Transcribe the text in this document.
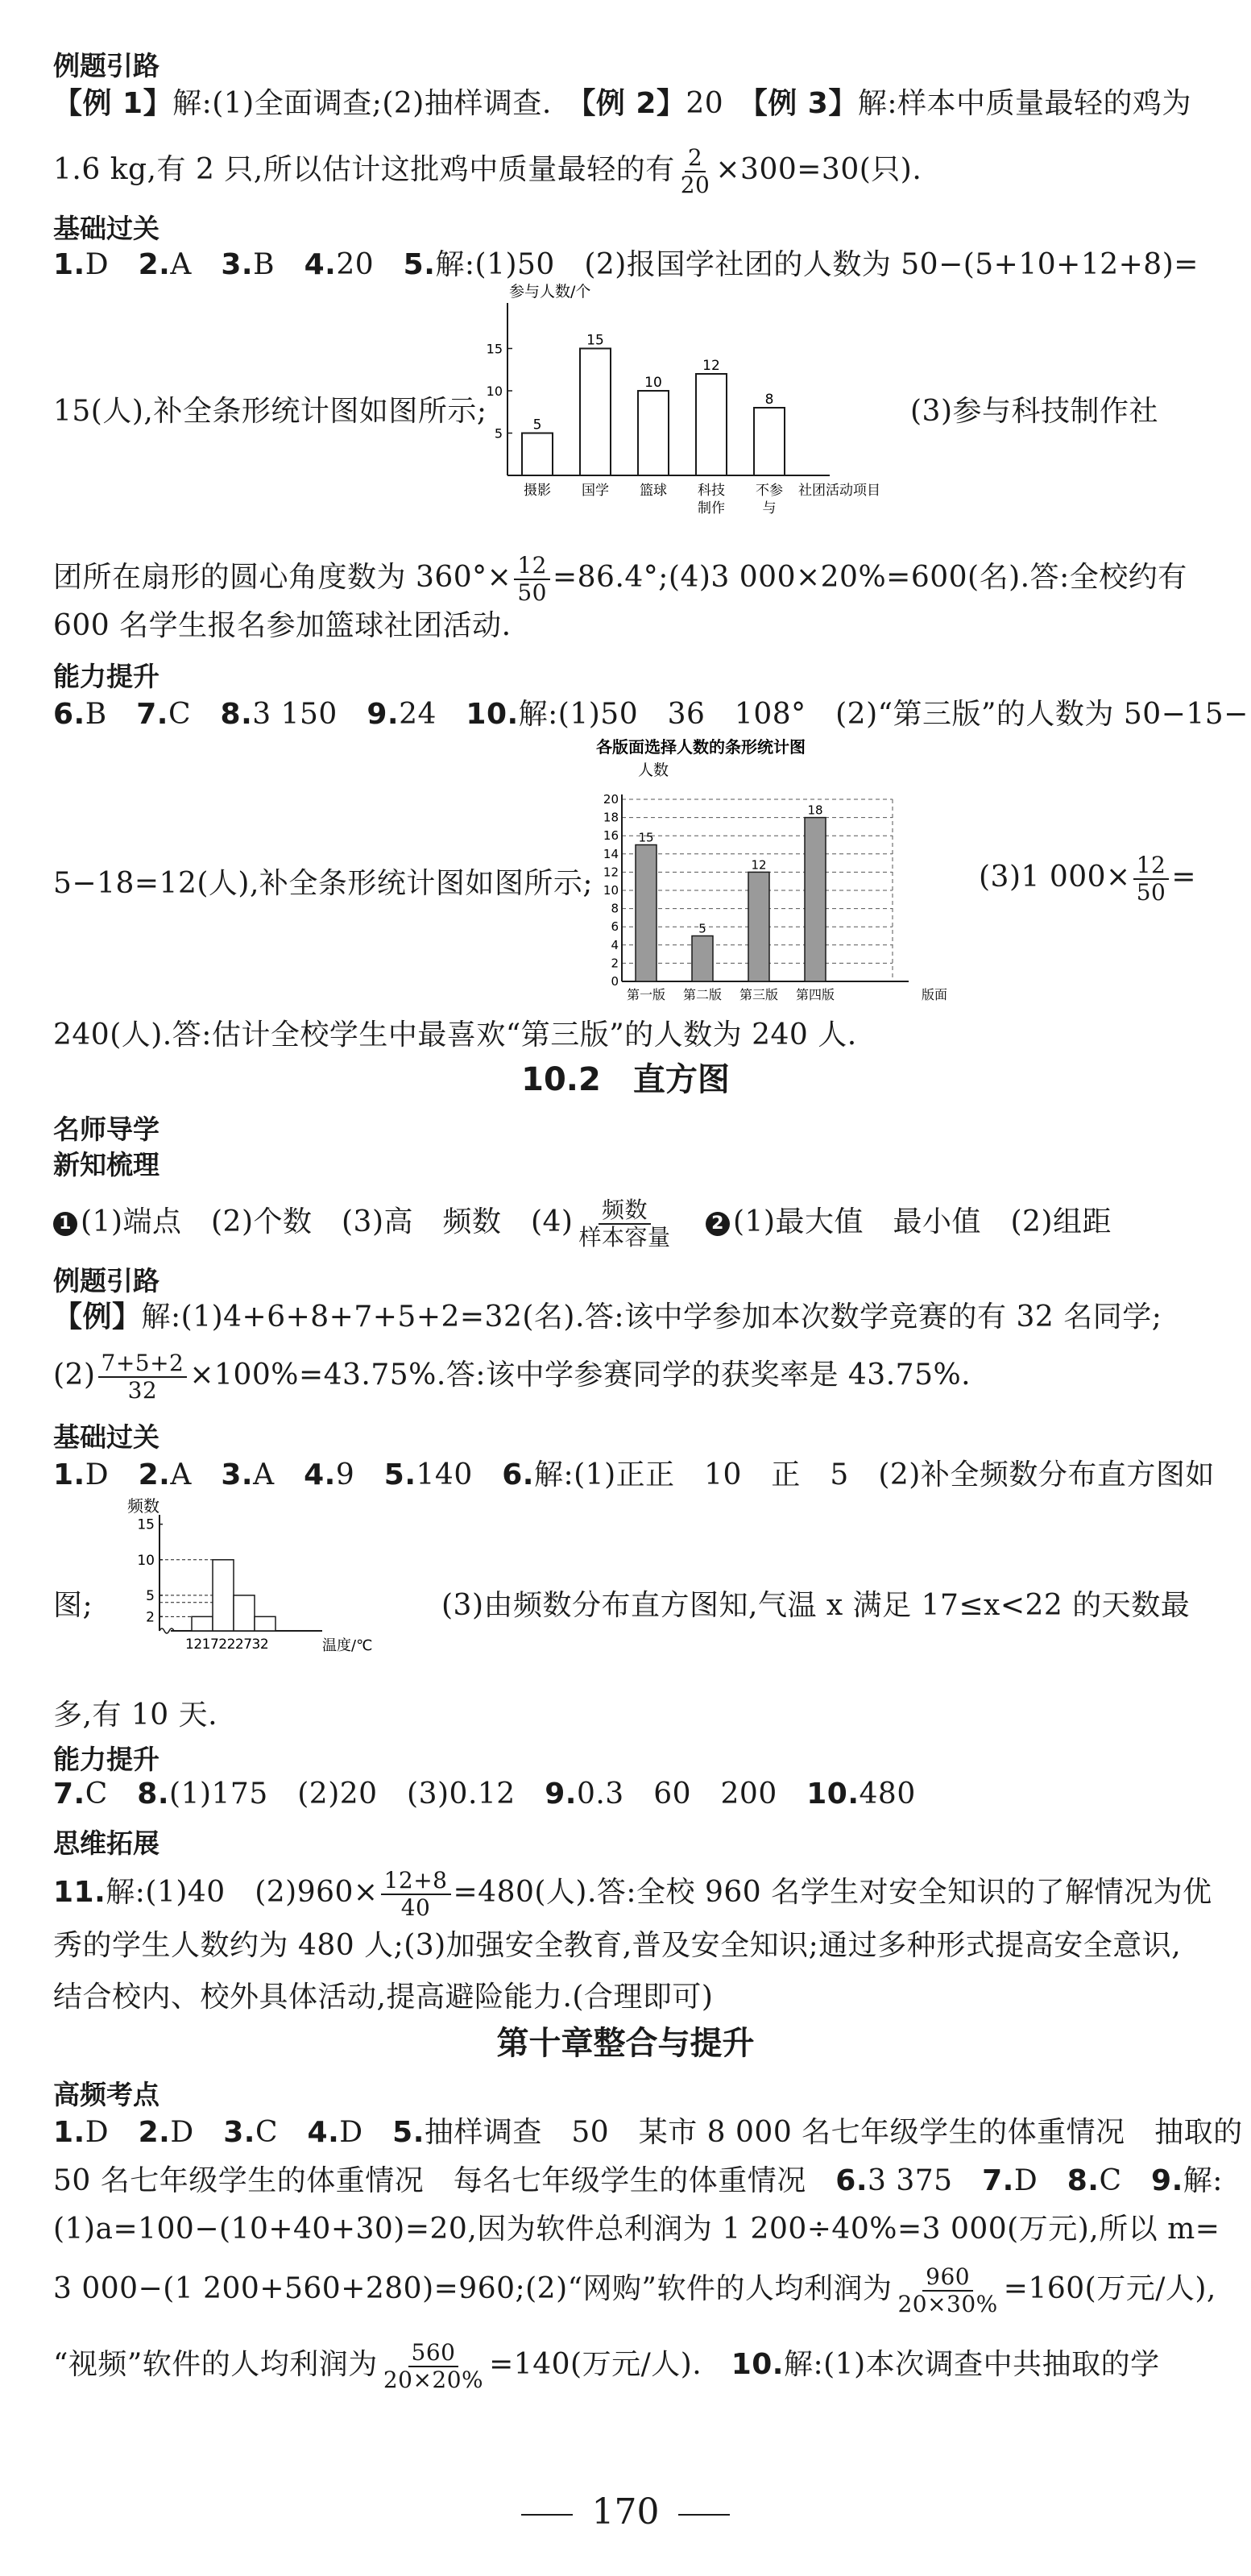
例题引路
【例 1】解:(1)全面调查;(2)抽样调查.　 【例 2】20　 【例 3】解:样本中质量最轻的鸡为
1.6 kg,有 2 只,所以估计这批鸡中质量最轻的有 $\frac{2}{20} \times 300=30$(只).
基础过关
1.D　 2.A　 3.B　 4.20　 5.解:(1)50　(2)报国学社团的人数为 50−(5+10+12+8)=
参与人数/个
5
10
15
5
摄影
15
国学
10
篮球
12
科技
制作
8
不参
与
社团活动项目
15(人),补全条形统计图如图所示;	(3)参与科技制作社
团所在扇形的圆心角度数为 $360^\circ\times \frac{12}{50}$ =86.4°;(4)3 000×20%=600(名).答:全校约有
600 名学生报名参加篮球社团活动.
能力提升
6.B　 7.C　 8.3 150　 9.24　 10.解:(1)50　36　108°　(2)“第三版”的人数为 50−15−
各版面选择人数的条形统计图
人数
0
2
4
6
8
10
12
14
16
18
20
15
第一版
5
第二版
12
第三版
18
第四版	版面
5−18=12(人),补全条形统计图如图所示;	(3)1 $000\times \frac{12}{50}$ =
240(人).答:估计全校学生中最喜欢“第三版”的人数为 240 人.
10.2　直方图
名师导学
新知梳理
1 (1)端点　(2)个数　(3)高　频数　$(4) \frac{\text{频数}}{\text{样本容量}}$
　 2 (1)最大值　最小值　(2)组距
例题引路
【例】解:(1)4+6+8+7+5+2=32(名).答:该中学参加本次数学竞赛的有 32 名同学;
$(2) \frac{7+5+2}{32} \times 100\%=43.75\%$.答:该中学参赛同学的获奖率是 43.75%.
基础过关
1.D　 2.A　 3.A　 4.9　 5.140　 6.解:(1)正正　10　正　5　(2)补全频数分布直方图如
频数
2
5
10
15
1217222732	温度/℃
图;	(3)由频数分布直方图知,气温 x 满足 17≤x<22 的天数最
多,有 10 天.
能力提升
7.C　 8.(1)175　(2)20　(3)0.12　 9.0.3　60　200　 10.480
思维拓展
11.解:(1)40　$(2)960\times \frac{12+8}{40} =480$(人).答:全校 960 名学生对安全知识的了解情况为优
秀的学生人数约为 480 人;(3)加强安全教育,普及安全知识;通过多种形式提高安全意识,
结合校内、校外具体活动,提高避险能力.(合理即可)
第十章整合与提升
高频考点
1.D　 2.D　 3.C　 4.D　 5.抽样调查　50　某市 8 000 名七年级学生的体重情况　抽取的
50 名七年级学生的体重情况　每名七年级学生的体重情况　 6.3 375　 7.D　 8.C　 9.解:
(1)a=100−(10+40+30)=20,因为软件总利润为 1 200÷40%=3 000(万元),所以 m=
3 000−(1 200+560+280)=960;(2)“网购”软件的人均利润为 $\frac{960}{20\times 30\%} =160$(万元/人),
“视频”软件的人均利润为 $\frac{560}{20\times 20\%} =140$(万元/人).　 10.解:(1)本次调查中共抽取的学
170
